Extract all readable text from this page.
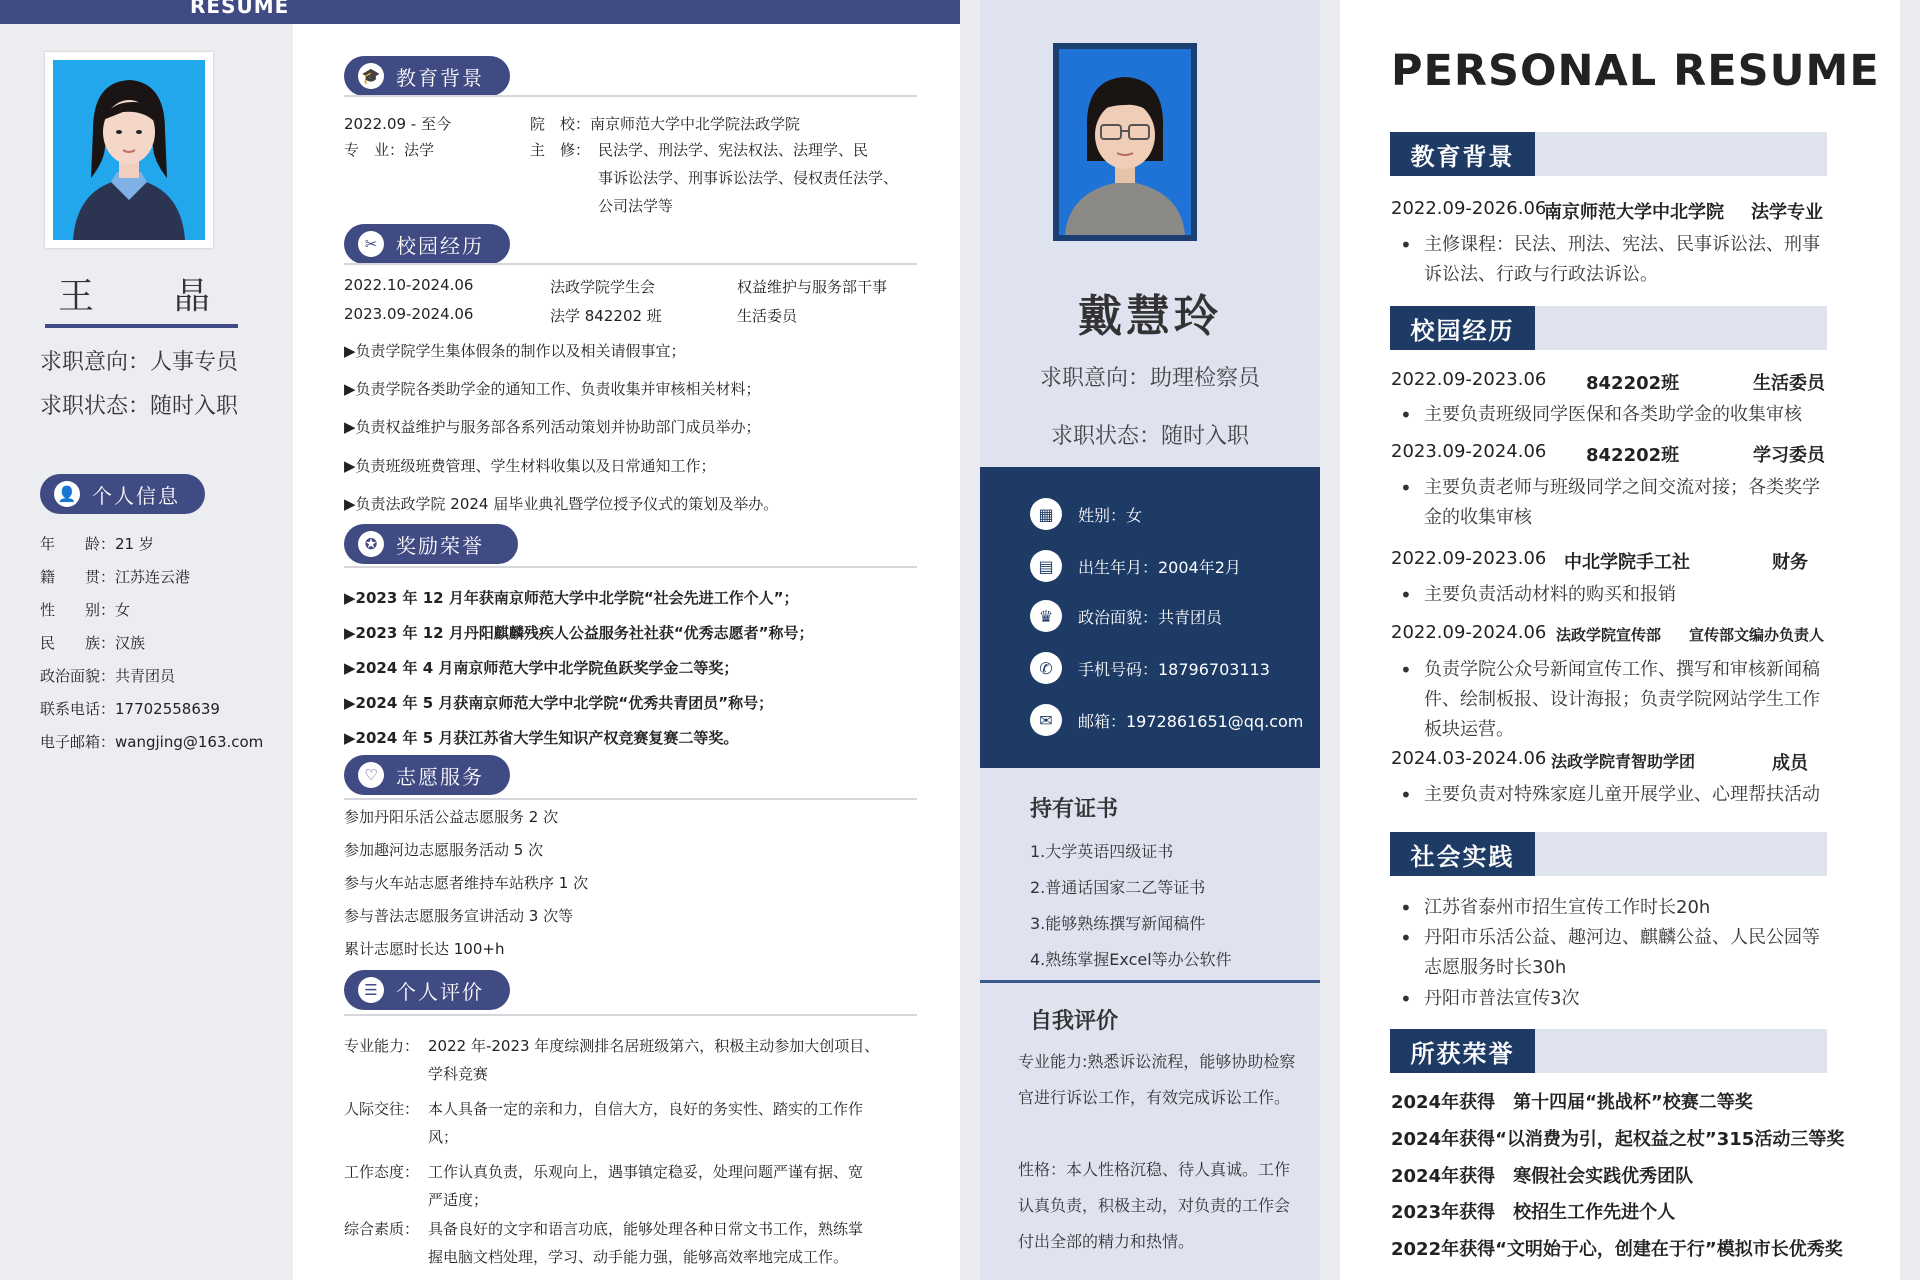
RESUME
王　晶
求职意向：人事专员
求职状态：随时入职
👤 个人信息
年　　龄：21 岁
籍　　贯：江苏连云港
性　　别：女
民　　族：汉族
政治面貌：共青团员
联系电话：17702558639
电子邮箱：wangjing@163.com
🎓 教育背景
2022.09 - 至今	院　校：南京师范大学中北学院法政学院
专　业：法学	主　修： 民法学、刑法学、宪法权法、法理学、民
事诉讼法学、刑事诉讼法学、侵权责任法学、
公司法学等
✂ 校园经历
2022.10-2024.06	法政学院学生会	权益维护与服务部干事
2023.09-2024.06	法学 842202 班	生活委员
▶负责学院学生集体假条的制作以及相关请假事宜；
▶负责学院各类助学金的通知工作、负责收集并审核相关材料；
▶负责权益维护与服务部各系列活动策划并协助部门成员举办；
▶负责班级班费管理、学生材料收集以及日常通知工作；
▶负责法政学院 2024 届毕业典礼暨学位授予仪式的策划及举办。
✪ 奖励荣誉
▶2023 年 12 月年获南京师范大学中北学院“社会先进工作个人”；
▶2023 年 12 月丹阳麒麟残疾人公益服务社社获“优秀志愿者”称号；
▶2024 年 4 月南京师范大学中北学院鱼跃奖学金二等奖；
▶2024 年 5 月获南京师范大学中北学院“优秀共青团员”称号；
▶2024 年 5 月获江苏省大学生知识产权竞赛复赛二等奖。
♡ 志愿服务
参加丹阳乐活公益志愿服务 2 次
参加趣河边志愿服务活动 5 次
参与火车站志愿者维持车站秩序 1 次
参与普法志愿服务宣讲活动 3 次等
累计志愿时长达 100+h
☰ 个人评价
专业能力： 2022 年-2023 年度综测排名居班级第六，积极主动参加大创项目、
学科竞赛
人际交往： 本人具备一定的亲和力，自信大方，良好的务实性、踏实的工作作
风；
工作态度： 工作认真负责，乐观向上，遇事镇定稳妥，处理问题严谨有据、宽
严适度；
综合素质： 具备良好的文字和语言功底，能够处理各种日常文书工作，熟练掌
握电脑文档处理，学习、动手能力强，能够高效率地完成工作。
戴慧玲
求职意向：助理检察员
求职状态：随时入职
▦	姓别：女
▤	出生年月：2004年2月
♛	政治面貌：共青团员
✆	手机号码：18796703113
✉	邮箱：1972861651@qq.com
持有证书
1.大学英语四级证书
2.普通话国家二乙等证书
3.能够熟练撰写新闻稿件
4.熟练掌握Excel等办公软件
自我评价
专业能力:熟悉诉讼流程，能够协助检察官进行诉讼工作，有效完成诉讼工作。
性格：本人性格沉稳、待人真诚。工作认真负责，积极主动，对负责的工作会付出全部的精力和热情。
PERSONAL RESUME
教育背景
2022.09-2026.06
南京师范大学中北学院 法学专业
• 主修课程：民法、刑法、宪法、民事诉讼法、刑事诉讼法、行政与行政法诉讼。
校园经历
2022.09-2023.06 842202班	生活委员
• 主要负责班级同学医保和各类助学金的收集审核
2023.09-2024.06 842202班	学习委员
• 主要负责老师与班级同学之间交流对接；各类奖学金的收集审核
2022.09-2023.06 中北学院手工社	财务
• 主要负责活动材料的购买和报销
2022.09-2024.06 法政学院宣传部 宣传部文编办负责人
• 负责学院公众号新闻宣传工作、撰写和审核新闻稿件、绘制板报、设计海报；负责学院网站学生工作板块运营。
2024.03-2024.06 法政学院青智助学团	成员
• 主要负责对特殊家庭儿童开展学业、心理帮扶活动
社会实践
• 江苏省泰州市招生宣传工作时长20h
• 丹阳市乐活公益、趣河边、麒麟公益、人民公园等志愿服务时长30h
• 丹阳市普法宣传3次
所获荣誉
2024年获得　第十四届“挑战杯”校赛二等奖
2024年获得“以消费为引，起权益之杖”315活动三等奖
2024年获得　寒假社会实践优秀团队
2023年获得　校招生工作先进个人
2022年获得“文明始于心，创建在于行”模拟市长优秀奖
